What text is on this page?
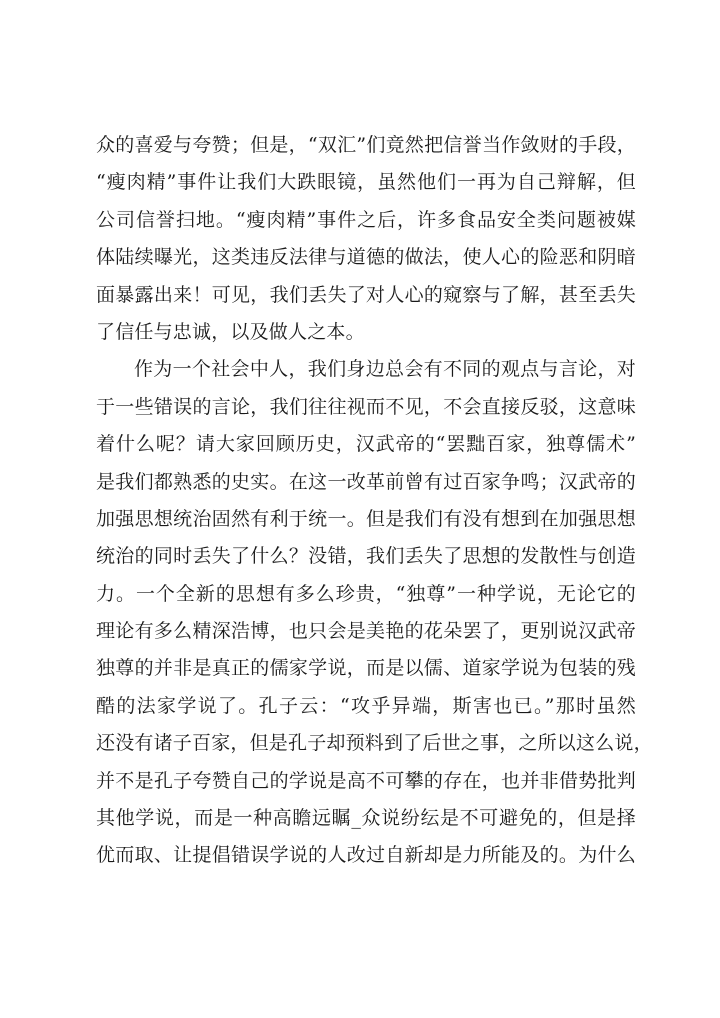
众的喜爱与夸赞；但是，“双汇”们竟然把信誉当作敛财的手段，
“瘦肉精”事件让我们大跌眼镜，虽然他们一再为自己辩解，但
公司信誉扫地。“瘦肉精”事件之后，许多食品安全类问题被媒
体陆续曝光，这类违反法律与道德的做法，使人心的险恶和阴暗
面暴露出来！可见，我们丢失了对人心的窥察与了解，甚至丢失
了信任与忠诚，以及做人之本。
作为一个社会中人，我们身边总会有不同的观点与言论，对
于一些错误的言论，我们往往视而不见，不会直接反驳，这意味
着什么呢？请大家回顾历史，汉武帝的“罢黜百家，独尊儒术”
是我们都熟悉的史实。在这一改革前曾有过百家争鸣；汉武帝的
加强思想统治固然有利于统一。但是我们有没有想到在加强思想
统治的同时丢失了什么？没错，我们丢失了思想的发散性与创造
力。一个全新的思想有多么珍贵，“独尊”一种学说，无论它的
理论有多么精深浩博，也只会是美艳的花朵罢了，更别说汉武帝
独尊的并非是真正的儒家学说，而是以儒、道家学说为包装的残
酷的法家学说了。孔子云：“攻乎异端，斯害也已。”那时虽然
还没有诸子百家，但是孔子却预料到了后世之事，之所以这么说，
并不是孔子夸赞自己的学说是高不可攀的存在，也并非借势批判
其他学说，而是一种高瞻远瞩_众说纷纭是不可避免的，但是择
优而取、让提倡错误学说的人改过自新却是力所能及的。为什么
